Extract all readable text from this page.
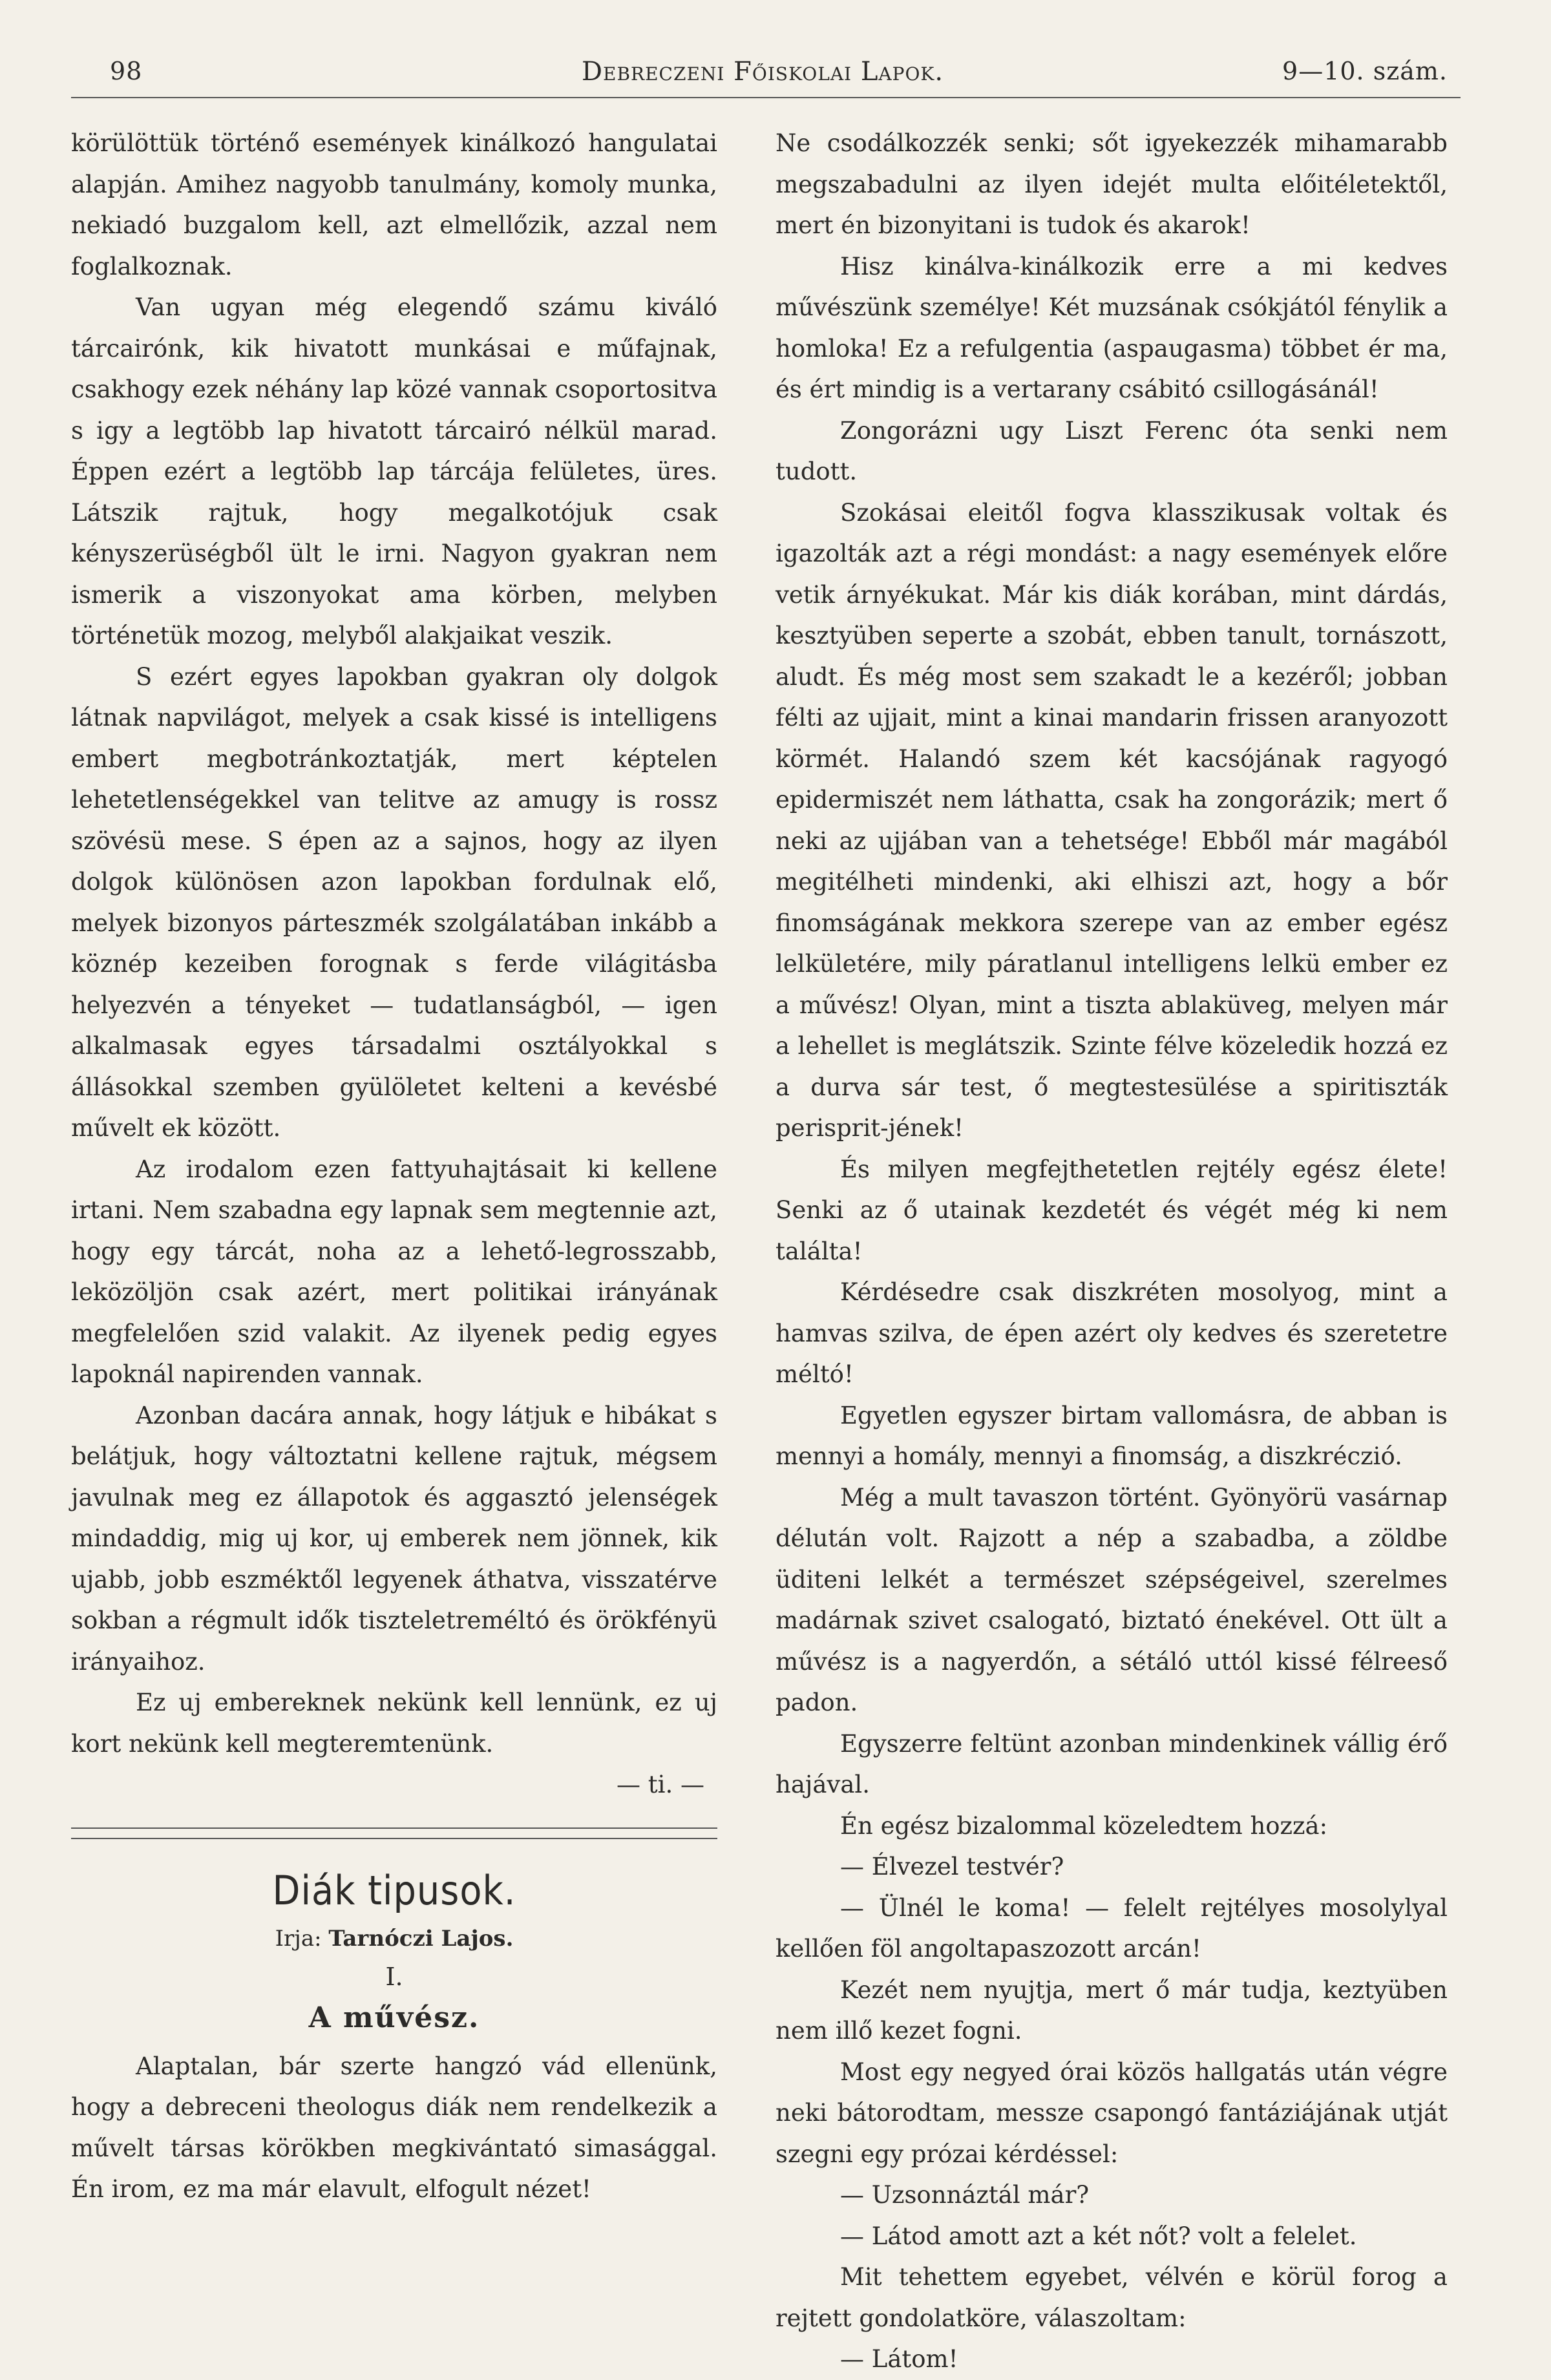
98	Debreczeni Főiskolai Lapok.	9—10. szám.

körülöttük történő események kinálkozó hangulatai alapján. Amihez nagyobb tanulmány, komoly munka, nekiadó buzgalom kell, azt elmellőzik, azzal nem foglalkoznak.

Van ugyan még elegendő számu kiváló tárcairónk, kik hivatott munkásai e műfajnak, csakhogy ezek néhány lap közé vannak csoportositva s igy a legtöbb lap hivatott tárcairó nélkül marad. Éppen ezért a legtöbb lap tárcája felületes, üres. Látszik rajtuk, hogy megalkotójuk csak kényszerüségből ült le irni. Nagyon gyakran nem ismerik a viszonyokat ama körben, melyben történetük mozog, melyből alakjaikat veszik.

S ezért egyes lapokban gyakran oly dolgok látnak napvilágot, melyek a csak kissé is intelligens embert megbotránkoztatják, mert képtelen lehetetlenségekkel van telitve az amugy is rossz szövésü mese. S épen az a sajnos, hogy az ilyen dolgok különösen azon lapokban fordulnak elő, melyek bizonyos párteszmék szolgálatában inkább a köznép kezeiben forognak s ferde világitásba helyezvén a tényeket — tudatlanságból, — igen alkalmasak egyes társadalmi osztályokkal s állásokkal szemben gyülöletet kelteni a kevésbé művelt ek között.

Az irodalom ezen fattyuhajtásait ki kellene irtani. Nem szabadna egy lapnak sem megtennie azt, hogy egy tárcát, noha az a lehető-legrosszabb, leközöljön csak azért, mert politikai irányának megfelelően szid valakit. Az ilyenek pedig egyes lapoknál napirenden vannak.

Azonban dacára annak, hogy látjuk e hibákat s belátjuk, hogy változtatni kellene rajtuk, mégsem javulnak meg ez állapotok és aggasztó jelenségek mindaddig, mig uj kor, uj emberek nem jönnek, kik ujabb, jobb eszméktől legyenek áthatva, visszatérve sokban a régmult idők tiszteletreméltó és örökfényü irányaihoz.

Ez uj embereknek nekünk kell lennünk, ez uj kort nekünk kell megteremtenünk.

— ti. —

Diák tipusok.
Irja: Tarnóczi Lajos.
I.
A művész.

Alaptalan, bár szerte hangzó vád ellenünk, hogy a debreceni theologus diák nem rendelkezik a művelt társas körökben megkivántató simasággal. Én irom, ez ma már elavult, elfogult nézet!

Ne csodálkozzék senki; sőt igyekezzék mihamarabb megszabadulni az ilyen idejét multa előitéletektől, mert én bizonyitani is tudok és akarok!

Hisz kinálva-kinálkozik erre a mi kedves művészünk személye! Két muzsának csókjától fénylik a homloka! Ez a refulgentia (aspaugasma) többet ér ma, és ért mindig is a vertarany csábitó csillogásánál!

Zongorázni ugy Liszt Ferenc óta senki nem tudott.

Szokásai eleitől fogva klasszikusak voltak és igazolták azt a régi mondást: a nagy események előre vetik árnyékukat. Már kis diák korában, mint dárdás, kesztyüben seperte a szobát, ebben tanult, tornászott, aludt. És még most sem szakadt le a kezéről; jobban félti az ujjait, mint a kinai mandarin frissen aranyozott körmét. Halandó szem két kacsójának ragyogó epidermiszét nem láthatta, csak ha zongorázik; mert ő neki az ujjában van a tehetsége! Ebből már magából megitélheti mindenki, aki elhiszi azt, hogy a bőr finomságának mekkora szerepe van az ember egész lelkületére, mily páratlanul intelligens lelkü ember ez a művész! Olyan, mint a tiszta ablaküveg, melyen már a lehellet is meglátszik. Szinte félve közeledik hozzá ez a durva sár test, ő megtestesülése a spiritiszták perisprit-jének!

És milyen megfejthetetlen rejtély egész élete! Senki az ő utainak kezdetét és végét még ki nem találta!

Kérdésedre csak diszkréten mosolyog, mint a hamvas szilva, de épen azért oly kedves és szeretetre méltó!

Egyetlen egyszer birtam vallomásra, de abban is mennyi a homály, mennyi a finomság, a diszkréczió.

Még a mult tavaszon történt. Gyönyörü vasárnap délután volt. Rajzott a nép a szabadba, a zöldbe üditeni lelkét a természet szépségeivel, szerelmes madárnak szivet csalogató, biztató énekével. Ott ült a művész is a nagyerdőn, a sétáló uttól kissé félreeső padon.

Egyszerre feltünt azonban mindenkinek vállig érő hajával.

Én egész bizalommal közeledtem hozzá:

— Élvezel testvér?

— Ülnél le koma! — felelt rejtélyes mosolylyal kellően föl angoltapaszozott arcán!

Kezét nem nyujtja, mert ő már tudja, keztyüben nem illő kezet fogni.

Most egy negyed órai közös hallgatás után végre neki bátorodtam, messze csapongó fantáziájának utját szegni egy prózai kérdéssel:

— Uzsonnáztál már?

— Látod amott azt a két nőt? volt a felelet.

Mit tehettem egyebet, vélvén e körül forog a rejtett gondolatköre, válaszoltam:

— Látom!
